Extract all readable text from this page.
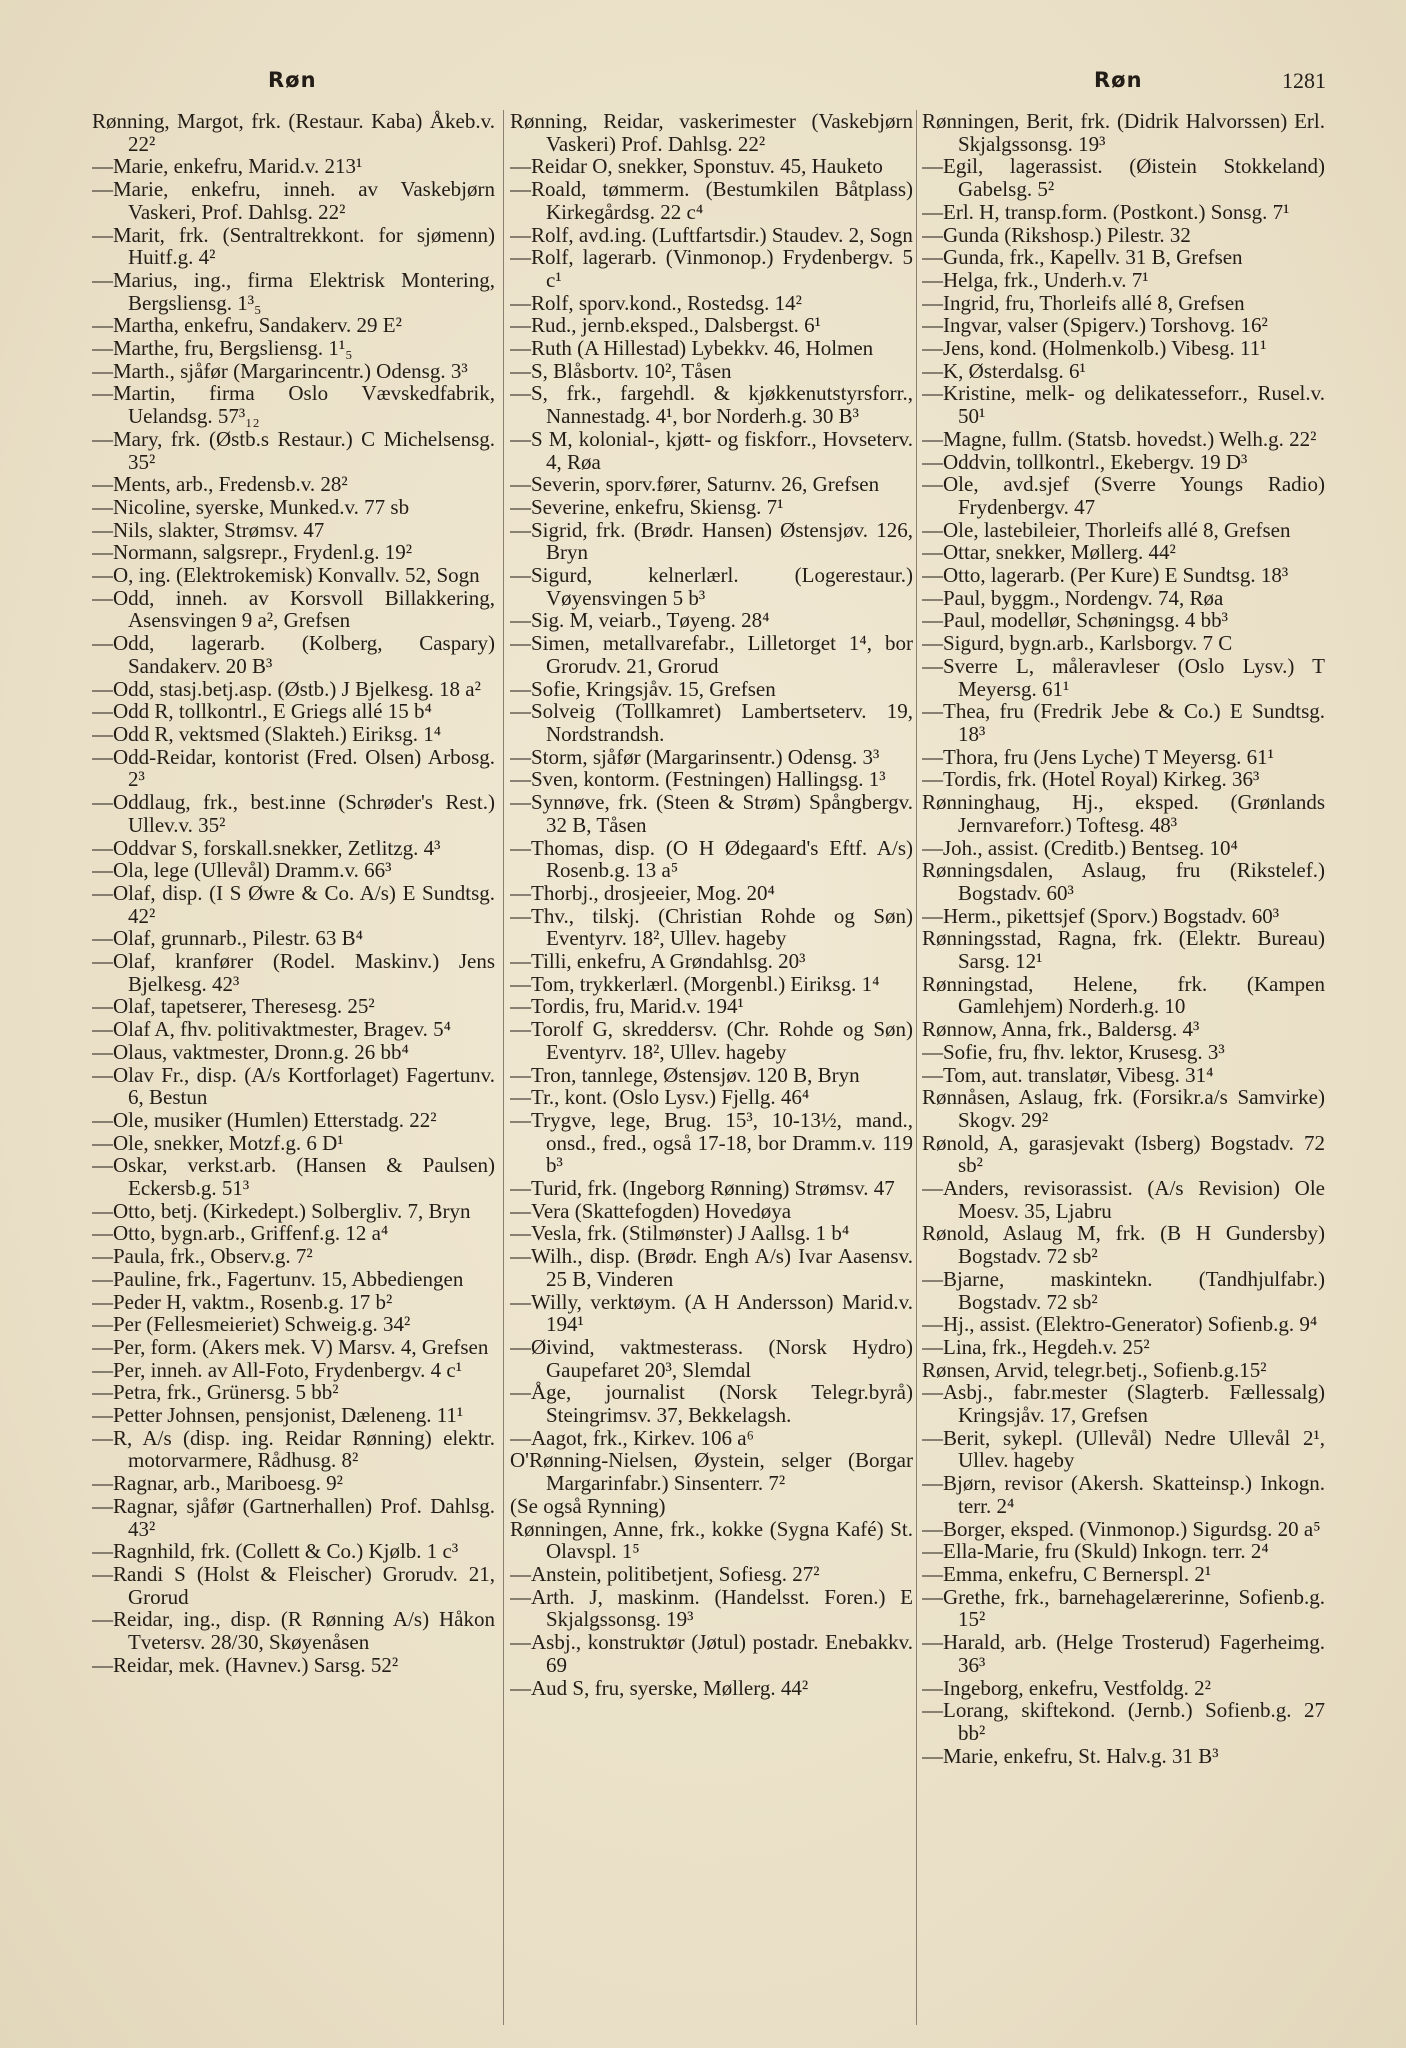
Røn	Røn	1281

Rønning, Margot, frk. (Restaur. Kaba) Åkeb.v. 22²

—Marie, enkefru, Marid.v. 213¹

—Marie, enkefru, inneh. av Vaskebjørn Vaskeri, Prof. Dahlsg. 22²

—Marit, frk. (Sentraltrekkont. for sjømenn) Huitf.g. 4²

—Marius, ing., firma Elektrisk Montering, Bergsliensg. 1³₅

—Martha, enkefru, Sandakerv. 29 E²

—Marthe, fru, Bergsliensg. 1¹₅

—Marth., sjåfør (Margarincentr.) Odensg. 3³

—Martin, firma Oslo Vævskedfabrik, Uelandsg. 57³₁₂

—Mary, frk. (Østb.s Restaur.) C Michelsensg. 35²

—Ments, arb., Fredensb.v. 28²

—Nicoline, syerske, Munked.v. 77 sb

—Nils, slakter, Strømsv. 47

—Normann, salgsrepr., Frydenl.g. 19²

—O, ing. (Elektrokemisk) Konvallv. 52, Sogn

—Odd, inneh. av Korsvoll Billakkering, Asensvingen 9 a², Grefsen

—Odd, lagerarb. (Kolberg, Caspary) Sandakerv. 20 B³

—Odd, stasj.betj.asp. (Østb.) J Bjelkesg. 18 a²

—Odd R, tollkontrl., E Griegs allé 15 b⁴

—Odd R, vektsmed (Slakteh.) Eiriksg. 1⁴

—Odd-Reidar, kontorist (Fred. Olsen) Arbosg. 2³

—Oddlaug, frk., best.inne (Schrøder's Rest.) Ullev.v. 35²

—Oddvar S, forskall.snekker, Zetlitzg. 4³

—Ola, lege (Ullevål) Dramm.v. 66³

—Olaf, disp. (I S Øwre & Co. A/s) E Sundtsg. 42²

—Olaf, grunnarb., Pilestr. 63 B⁴

—Olaf, kranfører (Rodel. Maskinv.) Jens Bjelkesg. 42³

—Olaf, tapetserer, Theresesg. 25²

—Olaf A, fhv. politivaktmester, Bragev. 5⁴

—Olaus, vaktmester, Dronn.g. 26 bb⁴

—Olav Fr., disp. (A/s Kortforlaget) Fagertunv. 6, Bestun

—Ole, musiker (Humlen) Etterstadg. 22²

—Ole, snekker, Motzf.g. 6 D¹

—Oskar, verkst.arb. (Hansen & Paulsen) Eckersb.g. 51³

—Otto, betj. (Kirkedept.) Solbergliv. 7, Bryn

—Otto, bygn.arb., Griffenf.g. 12 a⁴

—Paula, frk., Observ.g. 7²

—Pauline, frk., Fagertunv. 15, Abbediengen

—Peder H, vaktm., Rosenb.g. 17 b²

—Per (Fellesmeieriet) Schweig.g. 34²

—Per, form. (Akers mek. V) Marsv. 4, Grefsen

—Per, inneh. av All-Foto, Frydenbergv. 4 c¹

—Petra, frk., Grünersg. 5 bb²

—Petter Johnsen, pensjonist, Dæleneng. 11¹

—R, A/s (disp. ing. Reidar Rønning) elektr. motorvarmere, Rådhusg. 8²

—Ragnar, arb., Mariboesg. 9²

—Ragnar, sjåfør (Gartnerhallen) Prof. Dahlsg. 43²

—Ragnhild, frk. (Collett & Co.) Kjølb. 1 c³

—Randi S (Holst & Fleischer) Grorudv. 21, Grorud

—Reidar, ing., disp. (R Rønning A/s) Håkon Tvetersv. 28/30, Skøyenåsen

—Reidar, mek. (Havnev.) Sarsg. 52²

Rønning, Reidar, vaskerimester (Vaskebjørn Vaskeri) Prof. Dahlsg. 22²

—Reidar O, snekker, Sponstuv. 45, Hauketo

—Roald, tømmerm. (Bestumkilen Båtplass) Kirkegårdsg. 22 c⁴

—Rolf, avd.ing. (Luftfartsdir.) Staudev. 2, Sogn

—Rolf, lagerarb. (Vinmonop.) Frydenbergv. 5 c¹

—Rolf, sporv.kond., Rostedsg. 14²

—Rud., jernb.eksped., Dalsbergst. 6¹

—Ruth (A Hillestad) Lybekkv. 46, Holmen

—S, Blåsbortv. 10², Tåsen

—S, frk., fargehdl. & kjøkkenutstyrsforr., Nannestadg. 4¹, bor Norderh.g. 30 B³

—S M, kolonial-, kjøtt- og fiskforr., Hovseterv. 4, Røa

—Severin, sporv.fører, Saturnv. 26, Grefsen

—Severine, enkefru, Skiensg. 7¹

—Sigrid, frk. (Brødr. Hansen) Østensjøv. 126, Bryn

—Sigurd, kelnerlærl. (Logerestaur.) Vøyensvingen 5 b³

—Sig. M, veiarb., Tøyeng. 28⁴

—Simen, metallvarefabr., Lilletorget 1⁴, bor Grorudv. 21, Grorud

—Sofie, Kringsjåv. 15, Grefsen

—Solveig (Tollkamret) Lambertseterv. 19, Nordstrandsh.

—Storm, sjåfør (Margarinsentr.) Odensg. 3³

—Sven, kontorm. (Festningen) Hallingsg. 1³

—Synnøve, frk. (Steen & Strøm) Spångbergv. 32 B, Tåsen

—Thomas, disp. (O H Ødegaard's Eftf. A/s) Rosenb.g. 13 a⁵

—Thorbj., drosjeeier, Mog. 20⁴

—Thv., tilskj. (Christian Rohde og Søn) Eventyrv. 18², Ullev. hageby

—Tilli, enkefru, A Grøndahlsg. 20³

—Tom, trykkerlærl. (Morgenbl.) Eiriksg. 1⁴

—Tordis, fru, Marid.v. 194¹

—Torolf G, skreddersv. (Chr. Rohde og Søn) Eventyrv. 18², Ullev. hageby

—Tron, tannlege, Østensjøv. 120 B, Bryn

—Tr., kont. (Oslo Lysv.) Fjellg. 46⁴

—Trygve, lege, Brug. 15³, 10-13½, mand., onsd., fred., også 17-18, bor Dramm.v. 119 b³

—Turid, frk. (Ingeborg Rønning) Strømsv. 47

—Vera (Skattefogden) Hovedøya

—Vesla, frk. (Stilmønster) J Aallsg. 1 b⁴

—Wilh., disp. (Brødr. Engh A/s) Ivar Aasensv. 25 B, Vinderen

—Willy, verktøym. (A H Andersson) Marid.v. 194¹

—Øivind, vaktmesterass. (Norsk Hydro) Gaupefaret 20³, Slemdal

—Åge, journalist (Norsk Telegr.byrå) Steingrimsv. 37, Bekkelagsh.

—Aagot, frk., Kirkev. 106 a⁶

O'Rønning-Nielsen, Øystein, selger (Borgar Margarinfabr.) Sinsenterr. 7²

(Se også Rynning)

Rønningen, Anne, frk., kokke (Sygna Kafé) St. Olavspl. 1⁵

—Anstein, politibetjent, Sofiesg. 27²

—Arth. J, maskinm. (Handelsst. Foren.) E Skjalgssonsg. 19³

—Asbj., konstruktør (Jøtul) postadr. Enebakkv. 69

—Aud S, fru, syerske, Møllerg. 44²

Rønningen, Berit, frk. (Didrik Halvorssen) Erl. Skjalgssonsg. 19³

—Egil, lagerassist. (Øistein Stokkeland) Gabelsg. 5²

—Erl. H, transp.form. (Postkont.) Sonsg. 7¹

—Gunda (Rikshosp.) Pilestr. 32

—Gunda, frk., Kapellv. 31 B, Grefsen

—Helga, frk., Underh.v. 7¹

—Ingrid, fru, Thorleifs allé 8, Grefsen

—Ingvar, valser (Spigerv.) Torshovg. 16²

—Jens, kond. (Holmenkolb.) Vibesg. 11¹

—K, Østerdalsg. 6¹

—Kristine, melk- og delikatesseforr., Rusel.v. 50¹

—Magne, fullm. (Statsb. hovedst.) Welh.g. 22²

—Oddvin, tollkontrl., Ekebergv. 19 D³

—Ole, avd.sjef (Sverre Youngs Radio) Frydenbergv. 47

—Ole, lastebileier, Thorleifs allé 8, Grefsen

—Ottar, snekker, Møllerg. 44²

—Otto, lagerarb. (Per Kure) E Sundtsg. 18³

—Paul, byggm., Nordengv. 74, Røa

—Paul, modellør, Schøningsg. 4 bb³

—Sigurd, bygn.arb., Karlsborgv. 7 C

—Sverre L, måleravleser (Oslo Lysv.) T Meyersg. 61¹

—Thea, fru (Fredrik Jebe & Co.) E Sundtsg. 18³

—Thora, fru (Jens Lyche) T Meyersg. 61¹

—Tordis, frk. (Hotel Royal) Kirkeg. 36³

Rønninghaug, Hj., eksped. (Grønlands Jernvareforr.) Toftesg. 48³

—Joh., assist. (Creditb.) Bentseg. 10⁴

Rønningsdalen, Aslaug, fru (Rikstelef.) Bogstadv. 60³

—Herm., pikettsjef (Sporv.) Bogstadv. 60³

Rønningsstad, Ragna, frk. (Elektr. Bureau) Sarsg. 12¹

Rønningstad, Helene, frk. (Kampen Gamlehjem) Norderh.g. 10

Rønnow, Anna, frk., Baldersg. 4³

—Sofie, fru, fhv. lektor, Krusesg. 3³

—Tom, aut. translatør, Vibesg. 31⁴

Rønnåsen, Aslaug, frk. (Forsikr.a/s Samvirke) Skogv. 29²

Rønold, A, garasjevakt (Isberg) Bogstadv. 72 sb²

—Anders, revisorassist. (A/s Revision) Ole Moesv. 35, Ljabru

Rønold, Aslaug M, frk. (B H Gundersby) Bogstadv. 72 sb²

—Bjarne, maskintekn. (Tandhjulfabr.) Bogstadv. 72 sb²

—Hj., assist. (Elektro-Generator) Sofienb.g. 9⁴

—Lina, frk., Hegdeh.v. 25²

Rønsen, Arvid, telegr.betj., Sofienb.g.15²

—Asbj., fabr.mester (Slagterb. Fællessalg) Kringsjåv. 17, Grefsen

—Berit, sykepl. (Ullevål) Nedre Ullevål 2¹, Ullev. hageby

—Bjørn, revisor (Akersh. Skatteinsp.) Inkogn. terr. 2⁴

—Borger, eksped. (Vinmonop.) Sigurdsg. 20 a⁵

—Ella-Marie, fru (Skuld) Inkogn. terr. 2⁴

—Emma, enkefru, C Bernerspl. 2¹

—Grethe, frk., barnehagelærerinne, Sofienb.g. 15²

—Harald, arb. (Helge Trosterud) Fagerheimg. 36³

—Ingeborg, enkefru, Vestfoldg. 2²

—Lorang, skiftekond. (Jernb.) Sofienb.g. 27 bb²

—Marie, enkefru, St. Halv.g. 31 B³
